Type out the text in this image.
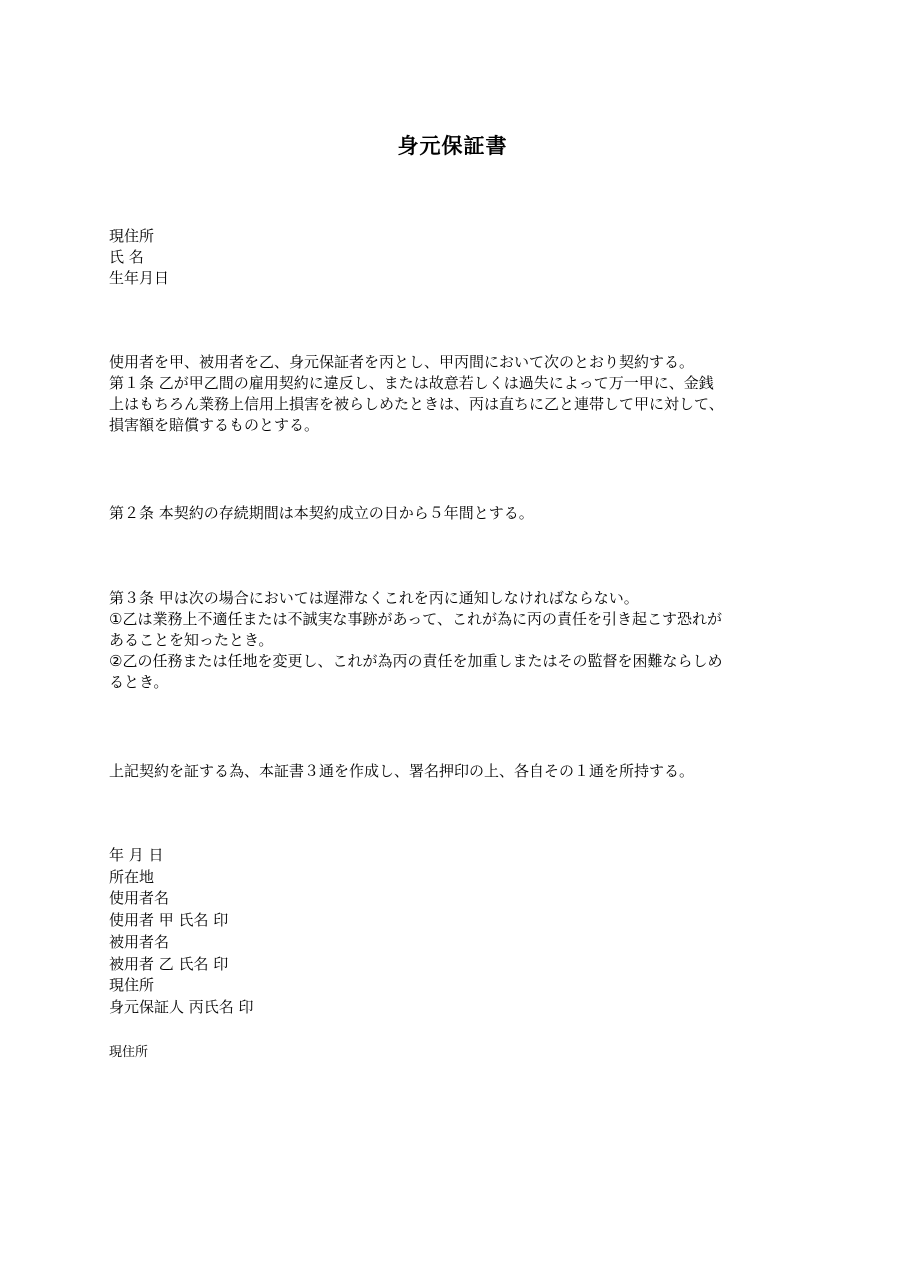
身元保証書
現住所
氏 名
生年月日
使用者を甲、被用者を乙、身元保証者を丙とし、甲丙間において次のとおり契約する。
第１条 乙が甲乙間の雇用契約に違反し、または故意若しくは過失によって万一甲に、金銭
上はもちろん業務上信用上損害を被らしめたときは、丙は直ちに乙と連帯して甲に対して、
損害額を賠償するものとする。
第２条 本契約の存続期間は本契約成立の日から５年間とする。
第３条 甲は次の場合においては遅滞なくこれを丙に通知しなければならない。
①乙は業務上不適任または不誠実な事跡があって、これが為に丙の責任を引き起こす恐れが
あることを知ったとき。
②乙の任務または任地を変更し、これが為丙の責任を加重しまたはその監督を困難ならしめ
るとき。
上記契約を証する為、本証書３通を作成し、署名押印の上、各自その１通を所持する。
年 月 日
所在地
使用者名
使用者 甲 氏名 印
被用者名
被用者 乙 氏名 印
現住所
身元保証人 丙氏名 印
現住所
